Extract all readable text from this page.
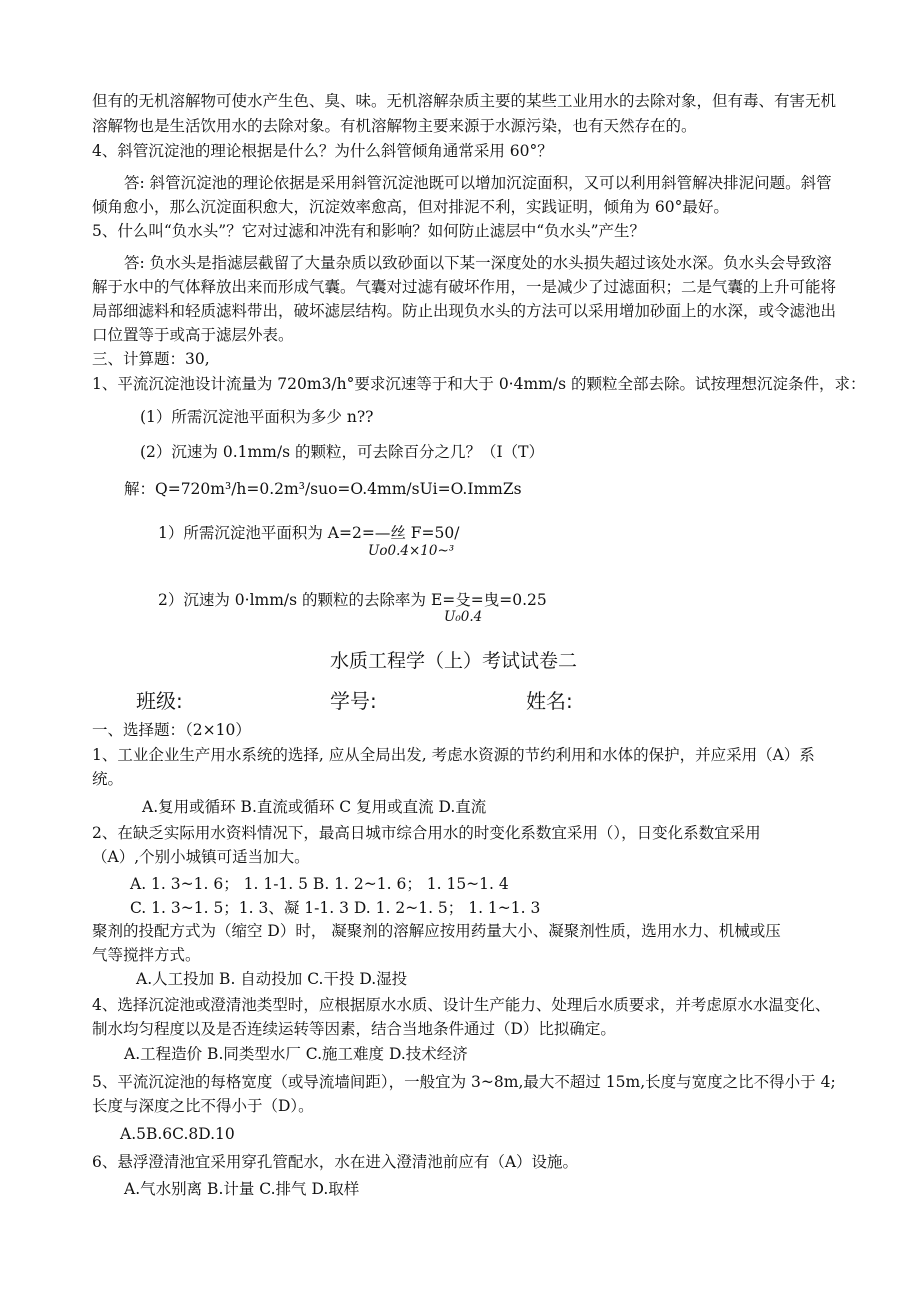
但有的无机溶解物可使水产生色、臭、味。无机溶解杂质主要的某些工业用水的去除对象，但有毒、有害无机
溶解物也是生活饮用水的去除对象。有机溶解物主要来源于水源污染，也有天然存在的。
4、斜管沉淀池的理论根据是什么？为什么斜管倾角通常采用 60°？
答: 斜管沉淀池的理论依据是采用斜管沉淀池既可以增加沉淀面积，又可以利用斜管解决排泥问题。斜管
倾角愈小，那么沉淀面积愈大，沉淀效率愈高，但对排泥不利，实践证明，倾角为 60°最好。
5、什么叫“负水头”？它对过滤和冲洗有和影响？如何防止滤层中“负水头”产生？
答: 负水头是指滤层截留了大量杂质以致砂面以下某一深度处的水头损失超过该处水深。负水头会导致溶
解于水中的气体释放出来而形成气囊。气囊对过滤有破坏作用，一是减少了过滤面积；二是气囊的上升可能将
局部细滤料和轻质滤料带出，破坏滤层结构。防止出现负水头的方法可以采用增加砂面上的水深，或令滤池出
口位置等于或高于滤层外表。
三、计算题：30,
1、平流沉淀池设计流量为 720m3/h°要求沉速等于和大于 0·4mm/s 的颗粒全部去除。试按理想沉淀条件，求：
(1）所需沉淀池平面积为多少 n??
(2）沉速为 0.1mm/s 的颗粒，可去除百分之几？（I（T）
解：Q=720m³/h=0.2m³/suo=O.4mm/sUi=O.ImmZs
1）所需沉淀池平面积为 A=2=—丝 F=50/
Uo0.4×10~³
2）沉速为 0·lmm/s 的颗粒的去除率为 E=殳=曳=0.25
U₀0.4
水质工程学（上）考试试卷二
班级:	学号:	姓名:
一、选择题：（2×10）
1、工业企业生产用水系统的选择, 应从全局出发, 考虑水资源的节约利用和水体的保护，并应采用（A）系
统。
A.复用或循环 B.直流或循环 C 复用或直流 D.直流
2、在缺乏实际用水资料情况下，最高日城市综合用水的时变化系数宜采用（），日变化系数宜采用
（A）,个别小城镇可适当加大。
A. 1. 3~1. 6； 1. 1-1. 5 B. 1. 2~1. 6； 1. 15~1. 4
C. 1. 3~1. 5；1. 3、凝 1-1. 3 D. 1. 2~1. 5； 1. 1~1. 3
聚剂的投配方式为（缩空 D）时， 凝聚剂的溶解应按用药量大小、凝聚剂性质，选用水力、机械或压
气等搅拌方式。
A.人工投加 B. 自动投加 C.干投 D.湿投
4、选择沉淀池或澄清池类型时，应根据原水水质、设计生产能力、处理后水质要求，并考虑原水水温变化、
制水均匀程度以及是否连续运转等因素，结合当地条件通过（D）比拟确定。
A.工程造价 B.同类型水厂 C.施工难度 D.技术经济
5、平流沉淀池的每格宽度（或导流墙间距），一般宜为 3~8m,最大不超过 15m,长度与宽度之比不得小于 4;
长度与深度之比不得小于（D）。
A.5B.6C.8D.10
6、悬浮澄清池宜采用穿孔管配水，水在进入澄清池前应有（A）设施。
A.气水别离 B.计量 C.排气 D.取样
